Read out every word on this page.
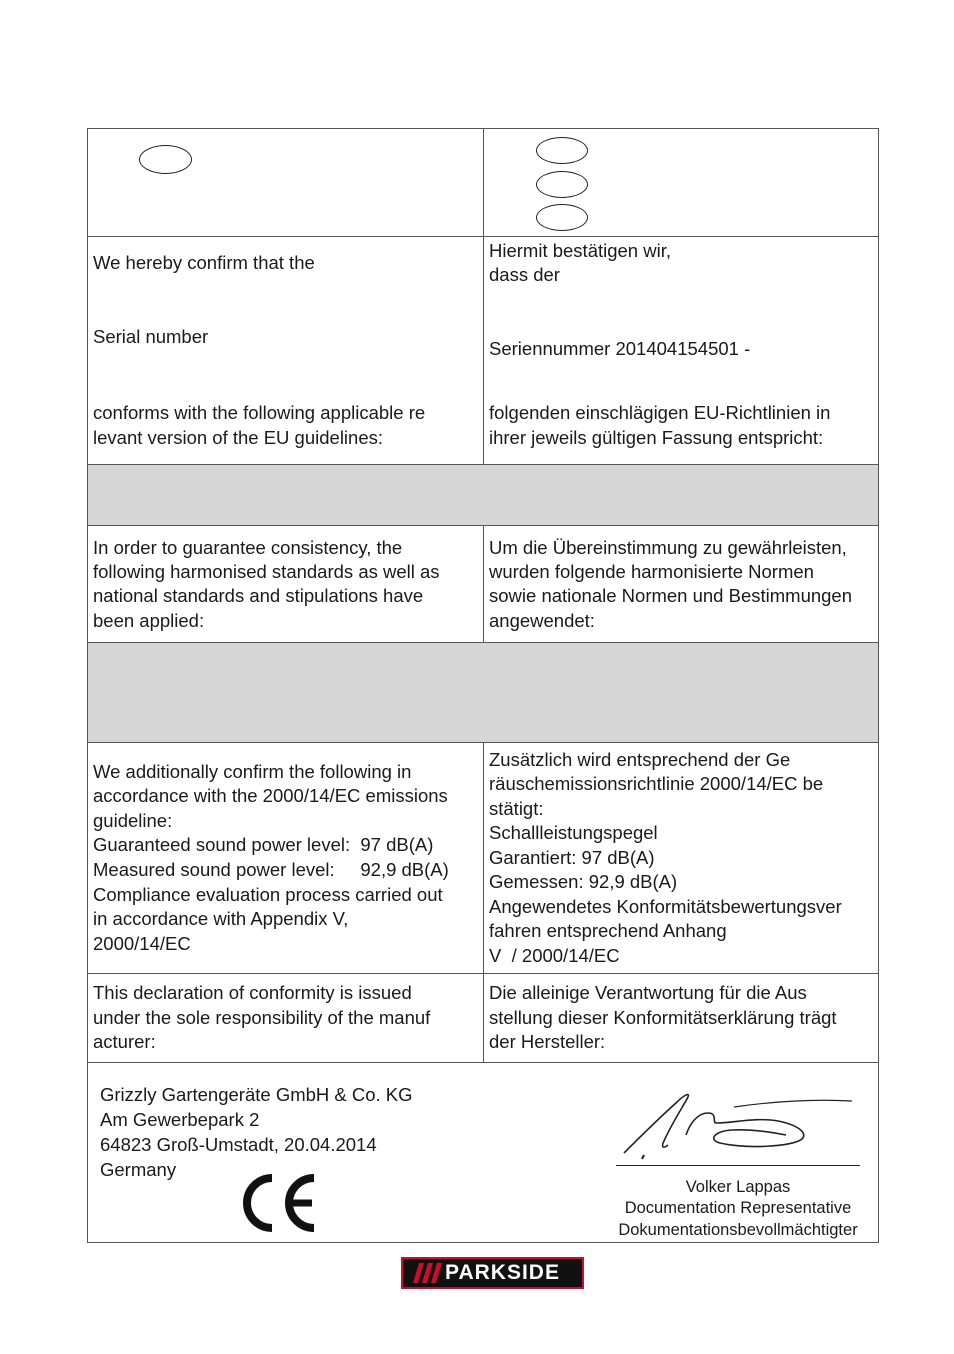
We hereby confirm that the
Serial number
conforms with the following applicable re
levant version of the EU guidelines:
Hiermit bestätigen wir,
dass der
Seriennummer 201404154501 -
folgenden einschlägigen EU-Richtlinien in
ihrer jeweils gültigen Fassung entspricht:
In order to guarantee consistency, the
following harmonised standards as well as
national standards and stipulations have
been applied:
Um die Übereinstimmung zu gewährleisten,
wurden folgende harmonisierte Normen
sowie nationale Normen und Bestimmungen
angewendet:
We additionally confirm the following in
accordance with the 2000/14/EC emissions
guideline:
Guaranteed sound power level:  97 dB(A)
Measured sound power level:     92,9 dB(A)
Compliance evaluation process carried out
in accordance with Appendix V,
2000/14/EC
Zusätzlich wird entsprechend der Ge
räuschemissionsrichtlinie 2000/14/EC be
stätigt:
Schallleistungspegel
Garantiert: 97 dB(A)
Gemessen: 92,9 dB(A)
Angewendetes Konformitätsbewertungsver
fahren entsprechend Anhang
V  / 2000/14/EC
This declaration of conformity is issued
under the sole responsibility of the manuf
acturer:
Die alleinige Verantwortung für die Aus
stellung dieser Konformitätserklärung trägt
der Hersteller:
Grizzly Gartengeräte GmbH & Co. KG
Am Gewerbepark 2
64823 Groß-Umstadt, 20.04.2014
Germany
Volker Lappas
Documentation Representative
Dokumentationsbevollmächtigter
PARKSIDE
